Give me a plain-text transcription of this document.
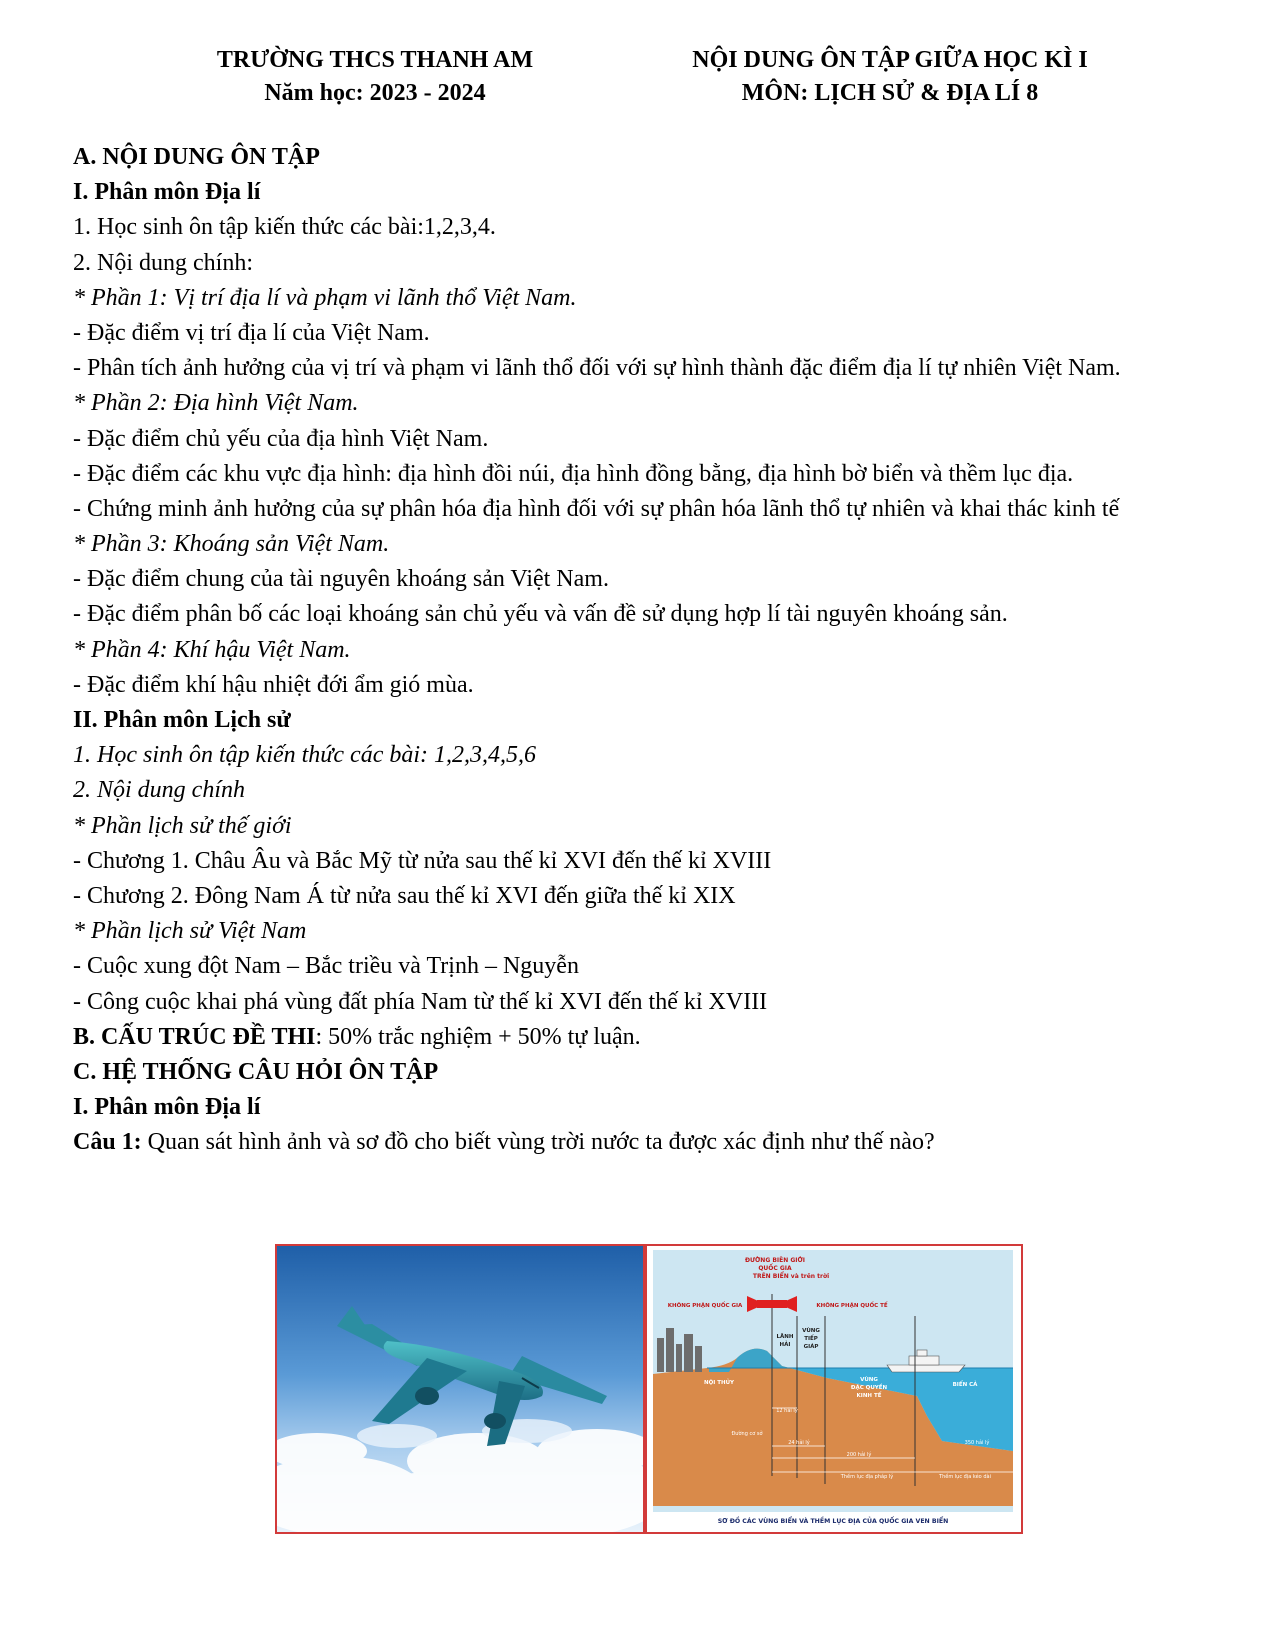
TRƯỜNG THCS THANH AM
Năm học: 2023 - 2024
NỘI DUNG ÔN TẬP GIỮA HỌC KÌ I
MÔN: LỊCH SỬ & ĐỊA LÍ 8
A. NỘI DUNG ÔN TẬP
I. Phân môn Địa lí
1. Học sinh ôn tập kiến thức các bài:1,2,3,4.
2. Nội dung chính:
* Phần 1: Vị trí địa lí và phạm vi lãnh thổ Việt Nam.
- Đặc điểm vị trí địa lí của Việt Nam.
- Phân tích ảnh hưởng của vị trí và phạm vi lãnh thổ đối với sự hình thành đặc điểm địa lí tự nhiên Việt Nam.
* Phần 2: Địa hình Việt Nam.
- Đặc điểm chủ yếu của địa hình Việt Nam.
- Đặc điểm các khu vực địa hình: địa hình đồi núi, địa hình đồng bằng, địa hình bờ biển và thềm lục địa.
- Chứng minh ảnh hưởng của sự phân hóa địa hình đối với sự phân hóa lãnh thổ tự nhiên và khai thác kinh tế
* Phần 3: Khoáng sản Việt Nam.
- Đặc điểm chung của tài nguyên khoáng sản Việt Nam.
- Đặc điểm phân bố các loại khoáng sản chủ yếu và vấn đề sử dụng hợp lí tài nguyên khoáng sản.
* Phần 4: Khí hậu Việt Nam.
- Đặc điểm khí hậu nhiệt đới ẩm gió mùa.
II. Phân môn Lịch sử
1. Học sinh ôn tập kiến thức các bài: 1,2,3,4,5,6
2. Nội dung chính
* Phần lịch sử thế giới
- Chương 1. Châu Âu và Bắc Mỹ từ nửa sau thế kỉ XVI đến thế kỉ XVIII
- Chương 2. Đông Nam Á từ nửa sau thế kỉ XVI đến giữa thế kỉ XIX
* Phần lịch sử Việt Nam
- Cuộc xung đột Nam – Bắc triều và Trịnh – Nguyễn
- Công cuộc khai phá vùng đất phía Nam từ thế kỉ XVI đến thế kỉ XVIII
B. CẤU TRÚC ĐỀ THI: 50% trắc nghiệm + 50% tự luận.
C. HỆ THỐNG CÂU HỎI ÔN TẬP
I. Phân môn Địa lí
Câu 1: Quan sát hình ảnh và sơ đồ cho biết vùng trời nước ta được xác định như thế nào?
ĐƯỜNG BIÊN GIỚI
QUỐC GIA
TRÊN BIỂN và trên trời
KHÔNG PHẬN QUỐC GIA	KHÔNG PHẬN QUỐC TẾ
LÃNH
HẢI
VÙNG
TIẾP
GIÁP
NỘI THỦY	VÙNG
ĐẶC QUYỀN
KINH TẾ
BIỂN CẢ
12 hải lý
Đường cơ sở
24 hải lý
200 hải lý
350 hải lý
Thềm lục địa pháp lý	Thềm lục địa kéo dài
SƠ ĐỒ CÁC VÙNG BIỂN VÀ THỀM LỤC ĐỊA CỦA QUỐC GIA VEN BIỂN
